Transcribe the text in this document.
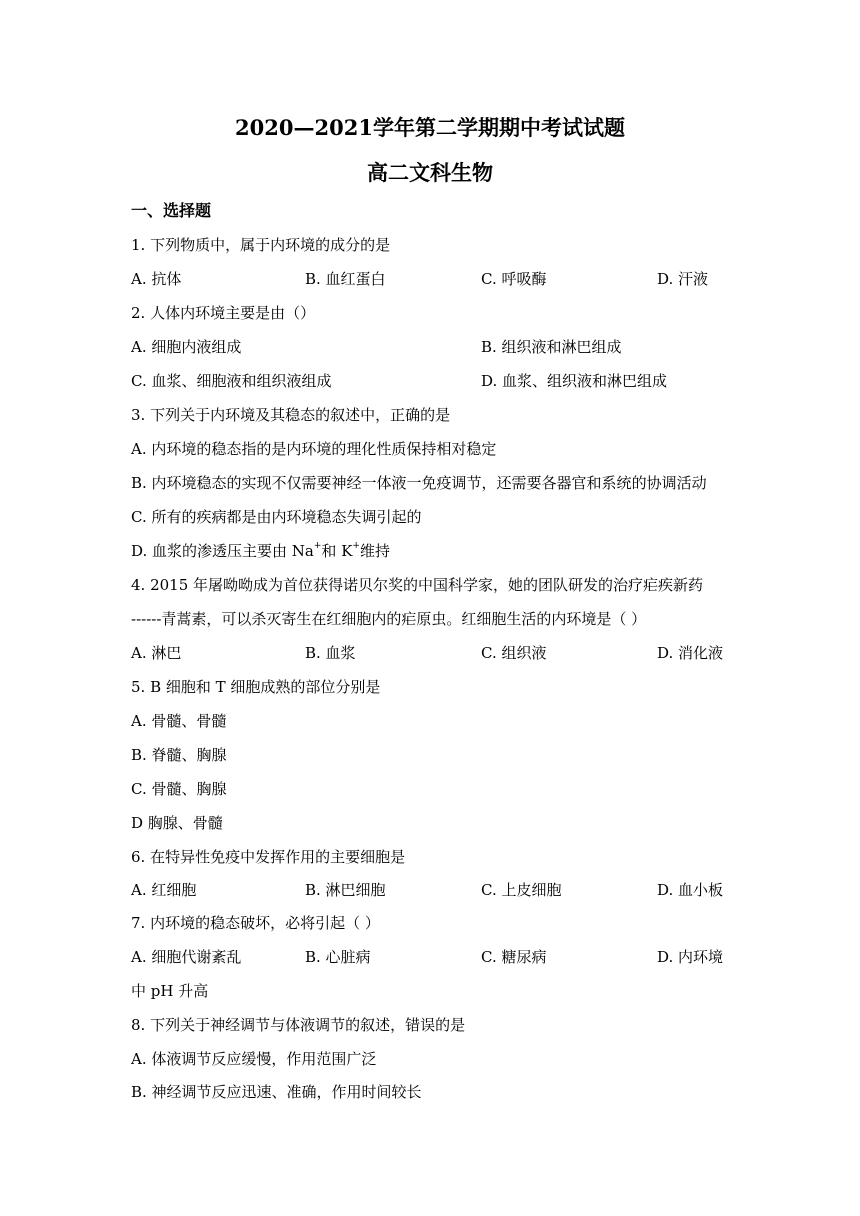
2020—2021学年第二学期期中考试试题
高二文科生物
一、选择题
1. 下列物质中，属于内环境的成分的是
A. 抗体	B. 血红蛋白	C. 呼吸酶	D. 汗液
2. 人体内环境主要是由（）
A. 细胞内液组成	B. 组织液和淋巴组成
C. 血浆、细胞液和组织液组成	D. 血浆、组织液和淋巴组成
3. 下列关于内环境及其稳态的叙述中，正确的是
A. 内环境的稳态指的是内环境的理化性质保持相对稳定
B. 内环境稳态的实现不仅需要神经一体液一免疫调节，还需要各器官和系统的协调活动
C. 所有的疾病都是由内环境稳态失调引起的
D. 血浆的渗透压主要由 Na+和 K+维持
4. 2015 年屠呦呦成为首位获得诺贝尔奖的中国科学家，她的团队研发的治疗疟疾新药
------青蒿素，可以杀灭寄生在红细胞内的疟原虫。红细胞生活的内环境是（ ）
A. 淋巴	B. 血浆	C. 组织液	D. 消化液
5. B 细胞和 T 细胞成熟的部位分别是
A. 骨髓、骨髓
B. 脊髓、胸腺
C. 骨髓、胸腺
D 胸腺、骨髓
6. 在特异性免疫中发挥作用的主要细胞是
A. 红细胞	B. 淋巴细胞	C. 上皮细胞	D. 血小板
7. 内环境的稳态破坏，必将引起（ ）
A. 细胞代谢紊乱	B. 心脏病	C. 糖尿病	D. 内环境
中 pH 升高
8. 下列关于神经调节与体液调节的叙述，错误的是
A. 体液调节反应缓慢，作用范围广泛
B. 神经调节反应迅速、准确，作用时间较长
